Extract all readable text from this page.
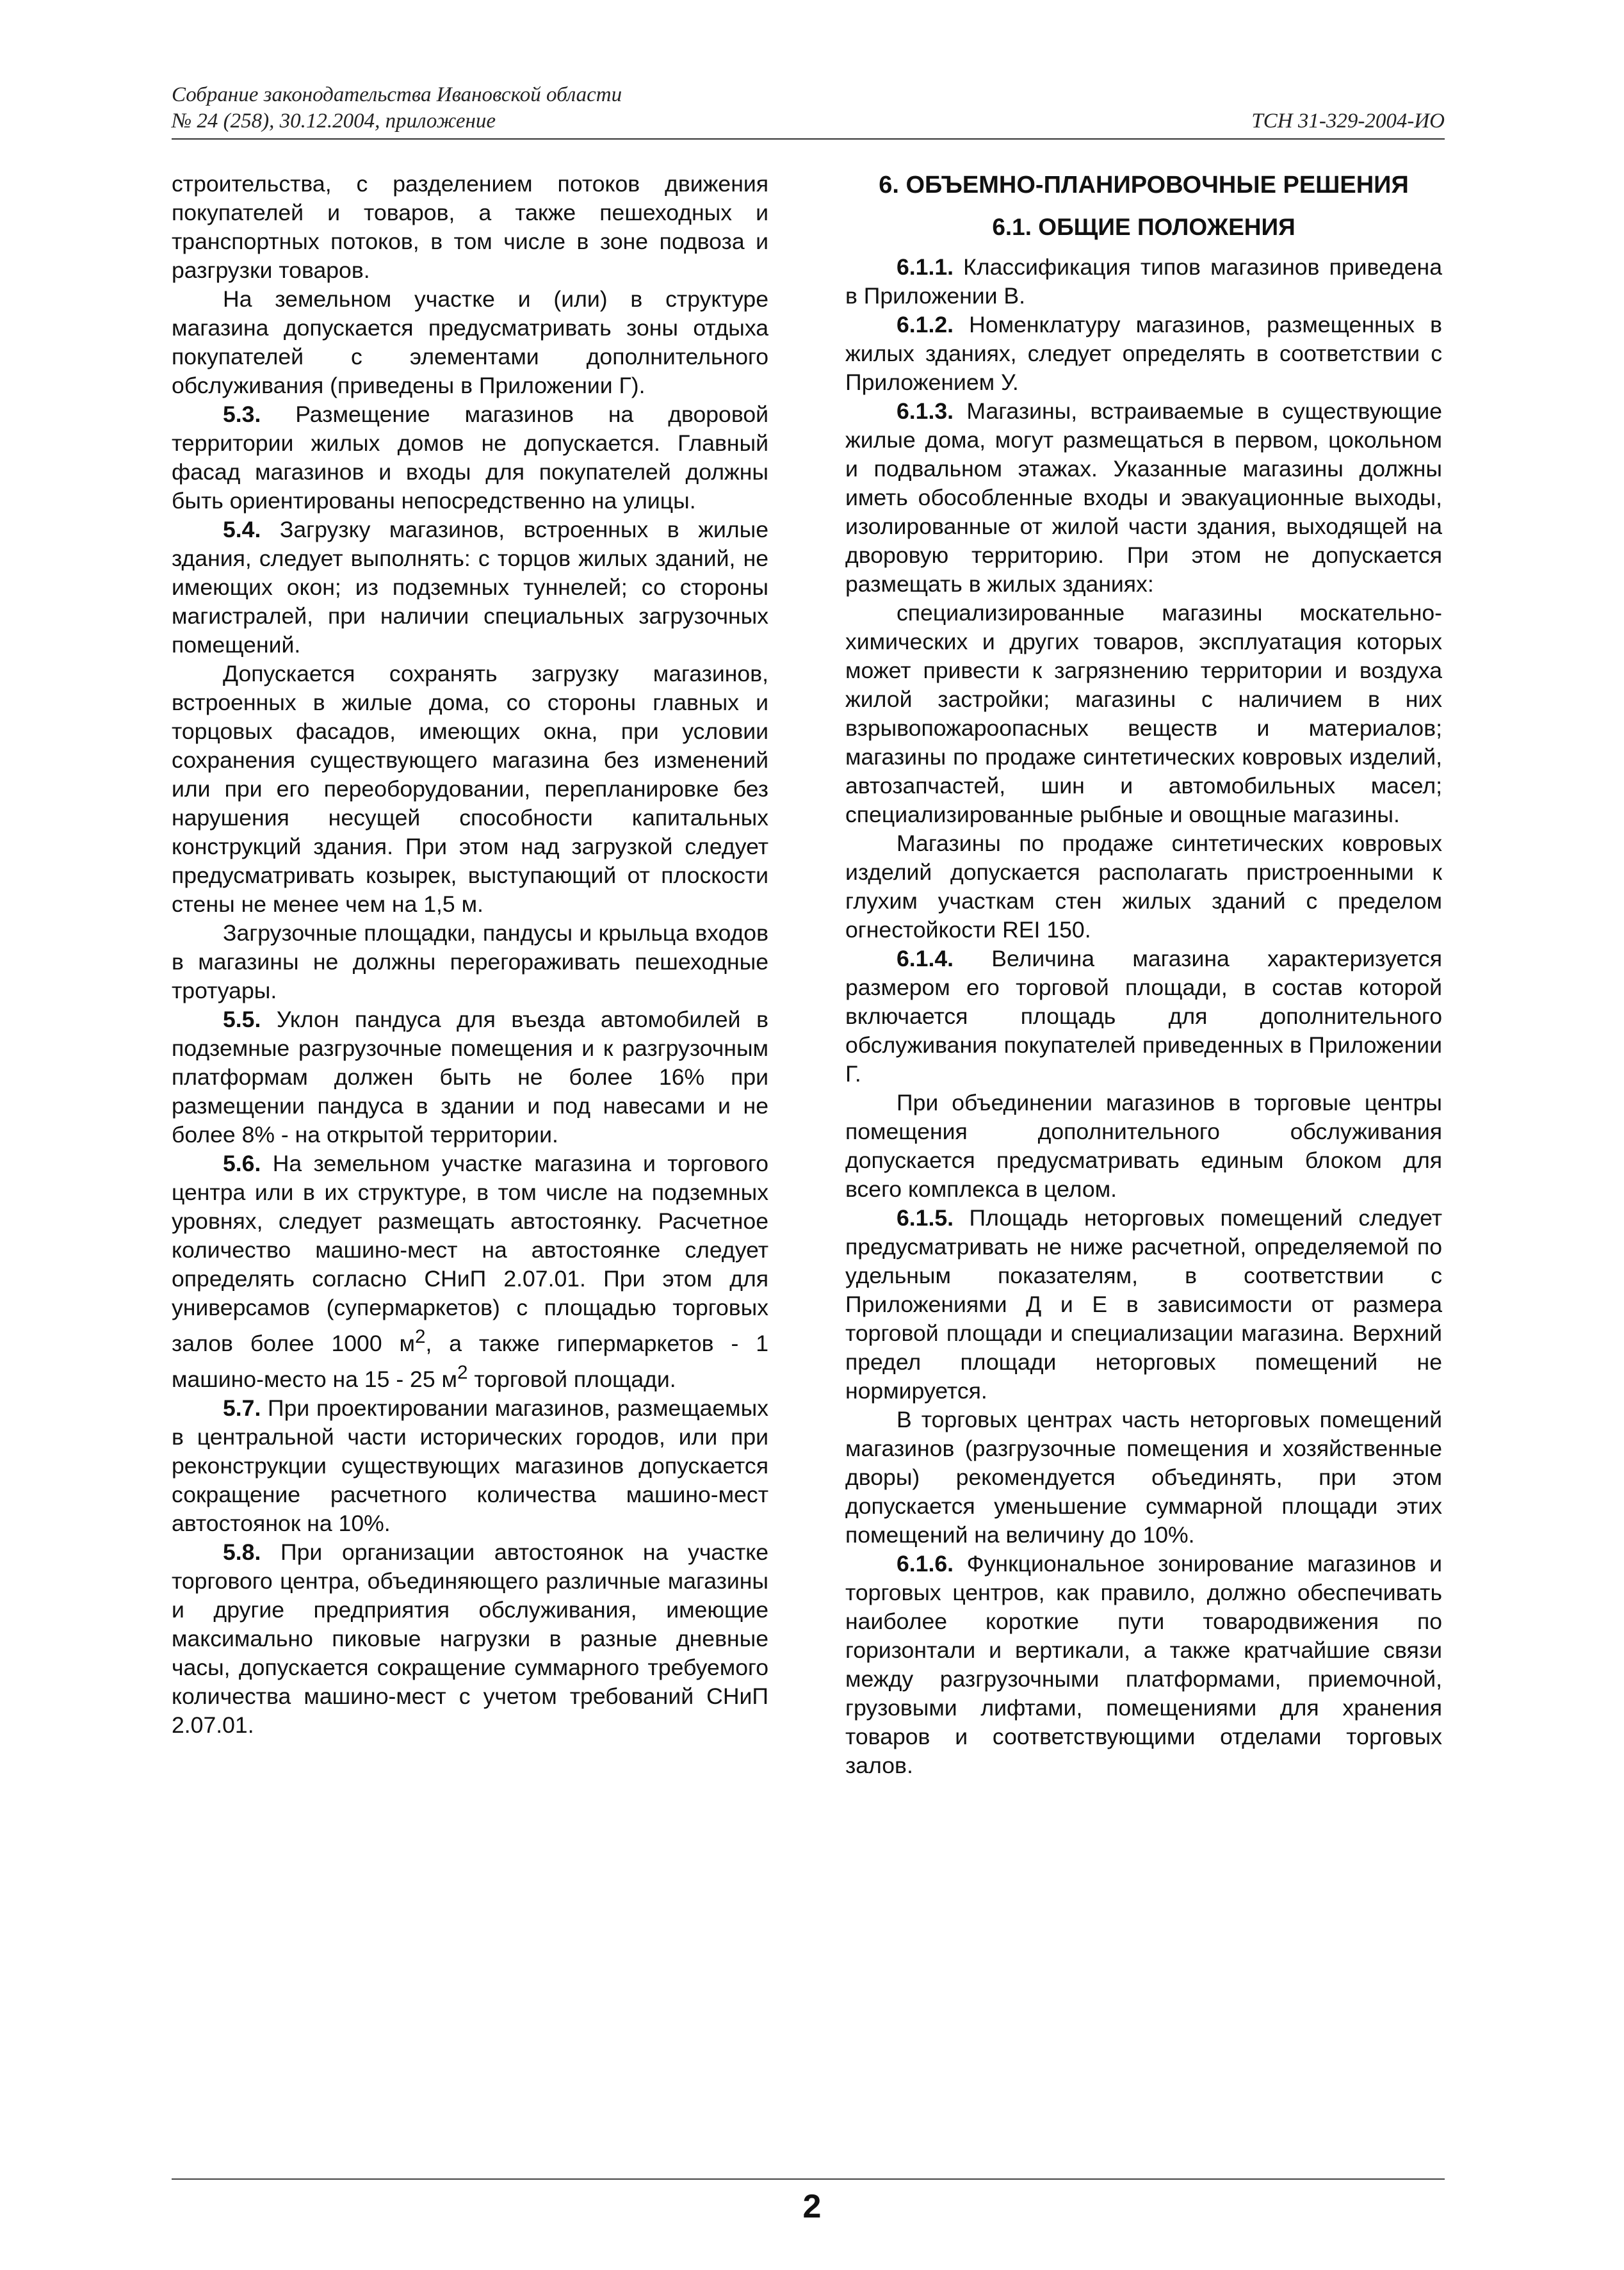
Собрание законодательства Ивановской области
№ 24 (258), 30.12.2004, приложение	ТСН 31-329-2004-ИО

строительства, с разделением потоков движения покупателей и товаров, а также пешеходных и транспортных потоков, в том числе в зоне подвоза и разгрузки товаров.

На земельном участке и (или) в структуре магазина допускается предусматривать зоны отдыха покупателей с элементами дополнительного обслуживания (приведены в Приложении Г).

5.3. Размещение магазинов на дворовой территории жилых домов не допускается. Главный фасад магазинов и входы для покупателей должны быть ориентированы непосредственно на улицы.

5.4. Загрузку магазинов, встроенных в жилые здания, следует выполнять: с торцов жилых зданий, не имеющих окон; из подземных туннелей; со стороны магистралей, при наличии специальных загрузочных помещений.

Допускается сохранять загрузку магазинов, встроенных в жилые дома, со стороны главных и торцовых фасадов, имеющих окна, при условии сохранения существующего магазина без изменений или при его переоборудовании, перепланировке без нарушения несущей способности капитальных конструкций здания. При этом над загрузкой следует предусматривать козырек, выступающий от плоскости стены не менее чем на 1,5 м.

Загрузочные площадки, пандусы и крыльца входов в магазины не должны перегораживать пешеходные тротуары.

5.5. Уклон пандуса для въезда автомобилей в подземные разгрузочные помещения и к разгрузочным платформам должен быть не более 16% при размещении пандуса в здании и под навесами и не более 8% - на открытой территории.

5.6. На земельном участке магазина и торгового центра или в их структуре, в том числе на подземных уровнях, следует размещать автостоянку. Расчетное количество машино-мест на автостоянке следует определять согласно СНиП 2.07.01. При этом для универсамов (супермаркетов) с площадью торговых залов более 1000 $м^2$, а также гипермаркетов - 1 машино-место на 15 - 25 $м^2$ торговой площади.

5.7. При проектировании магазинов, размещаемых в центральной части исторических городов, или при реконструкции существующих магазинов допускается сокращение расчетного количества машино-мест автостоянок на 10%.

5.8. При организации автостоянок на участке торгового центра, объединяющего различные магазины и другие предприятия обслуживания, имеющие максимально пиковые нагрузки в разные дневные часы, допускается сокращение суммарного требуемого количества машино-мест с учетом требований СНиП 2.07.01.

6. ОБЪЕМНО-ПЛАНИРОВОЧНЫЕ РЕШЕНИЯ
6.1. ОБЩИЕ ПОЛОЖЕНИЯ

6.1.1. Классификация типов магазинов приведена в Приложении В.

6.1.2. Номенклатуру магазинов, размещенных в жилых зданиях, следует определять в соответствии с Приложением У.

6.1.3. Магазины, встраиваемые в существующие жилые дома, могут размещаться в первом, цокольном и подвальном этажах. Указанные магазины должны иметь обособленные входы и эвакуационные выходы, изолированные от жилой части здания, выходящей на дворовую территорию. При этом не допускается размещать в жилых зданиях:

специализированные магазины москательно-химических и других товаров, эксплуатация которых может привести к загрязнению территории и воздуха жилой застройки; магазины с наличием в них взрывопожароопасных веществ и материалов; магазины по продаже синтетических ковровых изделий, автозапчастей, шин и автомобильных масел; специализированные рыбные и овощные магазины.

Магазины по продаже синтетических ковровых изделий допускается располагать пристроенными к глухим участкам стен жилых зданий с пределом огнестойкости REI 150.

6.1.4. Величина магазина характеризуется размером его торговой площади, в состав которой включается площадь для дополнительного обслуживания покупателей приведенных в Приложении Г.

При объединении магазинов в торговые центры помещения дополнительного обслуживания допускается предусматривать единым блоком для всего комплекса в целом.

6.1.5. Площадь неторговых помещений следует предусматривать не ниже расчетной, определяемой по удельным показателям, в соответствии с Приложениями Д и Е в зависимости от размера торговой площади и специализации магазина. Верхний предел площади неторговых помещений не нормируется.

В торговых центрах часть неторговых помещений магазинов (разгрузочные помещения и хозяйственные дворы) рекомендуется объединять, при этом допускается уменьшение суммарной площади этих помещений на величину до 10%.

6.1.6. Функциональное зонирование магазинов и торговых центров, как правило, должно обеспечивать наиболее короткие пути товародвижения по горизонтали и вертикали, а также кратчайшие связи между разгрузочными платформами, приемочной, грузовыми лифтами, помещениями для хранения товаров и соответствующими отделами торговых залов.

2
